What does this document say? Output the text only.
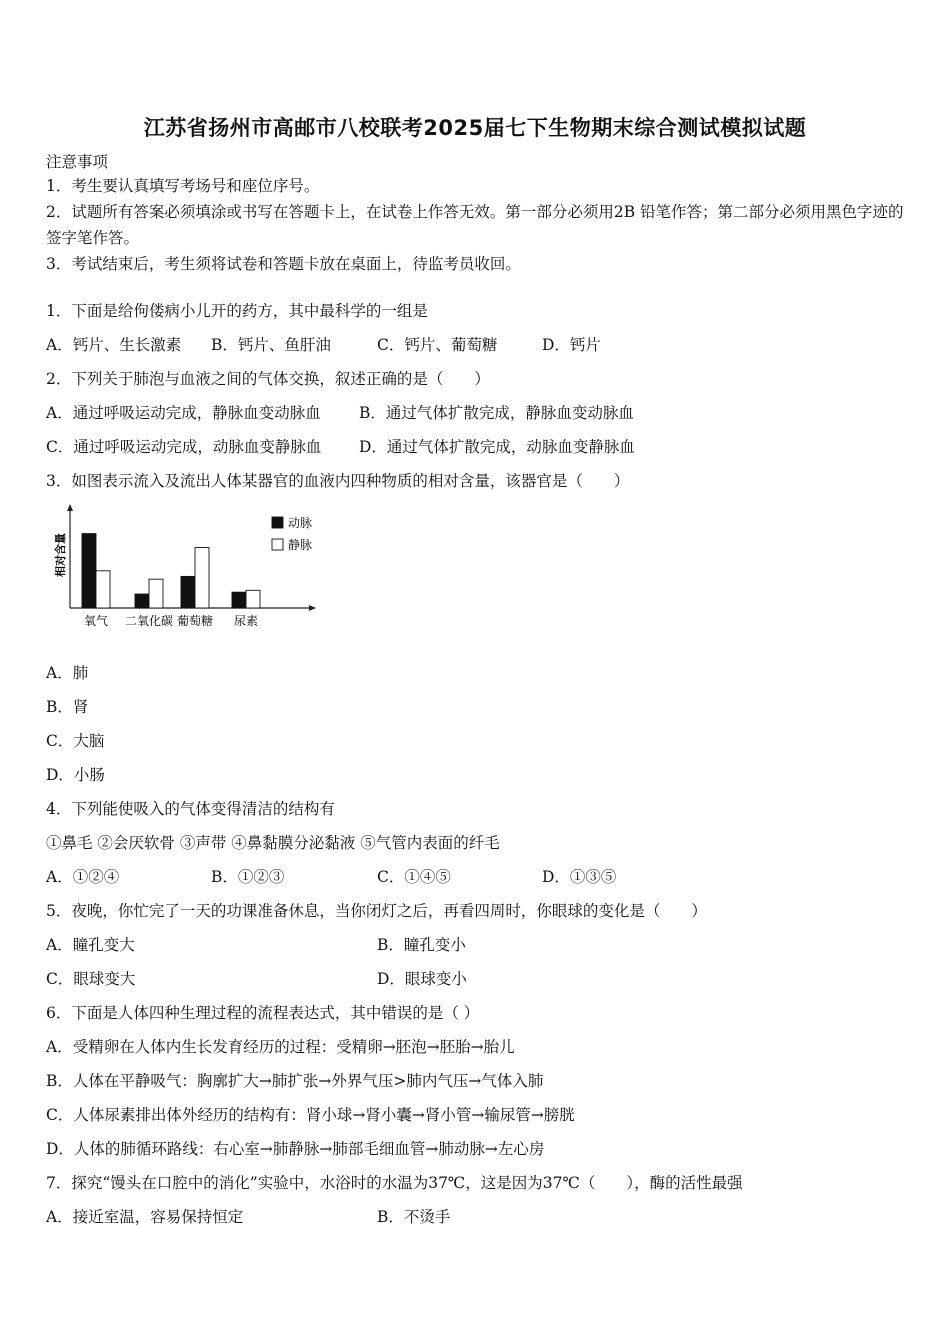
江苏省扬州市高邮市八校联考2025届七下生物期末综合测试模拟试题
注意事项
1．考生要认真填写考场号和座位序号。
2．试题所有答案必须填涂或书写在答题卡上，在试卷上作答无效。第一部分必须用2B 铅笔作答；第二部分必须用黑色字迹的签字笔作答。
3．考试结束后，考生须将试卷和答题卡放在桌面上，待监考员收回。
1．下面是给佝偻病小儿开的药方，其中最科学的一组是
A．钙片、生长激素 B．钙片、鱼肝油	C．钙片、葡萄糖	D．钙片
2．下列关于肺泡与血液之间的气体交换，叙述正确的是（　　）
A．通过呼吸运动完成，静脉血变动脉血 B．通过气体扩散完成，静脉血变动脉血
C．通过呼吸运动完成，动脉血变静脉血 D．通过气体扩散完成，动脉血变静脉血
3．如图表示流入及流出人体某器官的血液内四种物质的相对含量，该器官是（　　）
相对含量
氧气 二氧化碳 葡萄糖 尿素
动脉
静脉
A．肺
B．肾
C．大脑
D．小肠
4．下列能使吸入的气体变得清洁的结构有
①鼻毛 ②会厌软骨 ③声带 ④鼻黏膜分泌黏液 ⑤气管内表面的纤毛
A．①②④	B．①②③	C．①④⑤	D．①③⑤
5．夜晚，你忙完了一天的功课准备休息，当你闭灯之后，再看四周时，你眼球的变化是（　　）
A．瞳孔变大	B．瞳孔变小
C．眼球变大	D．眼球变小
6．下面是人体四种生理过程的流程表达式，其中错误的是（ ）
A．受精卵在人体内生长发育经历的过程：受精卵→胚泡→胚胎→胎儿
B．人体在平静吸气：胸廓扩大→肺扩张→外界气压>肺内气压→气体入肺
C．人体尿素排出体外经历的结构有：肾小球→肾小囊→肾小管→输尿管→膀胱
D．人体的肺循环路线：右心室→肺静脉→肺部毛细血管→肺动脉→左心房
7．探究“馒头在口腔中的消化”实验中，水浴时的水温为37℃，这是因为37℃（　　），酶的活性最强
A．接近室温，容易保持恒定	B．不烫手
